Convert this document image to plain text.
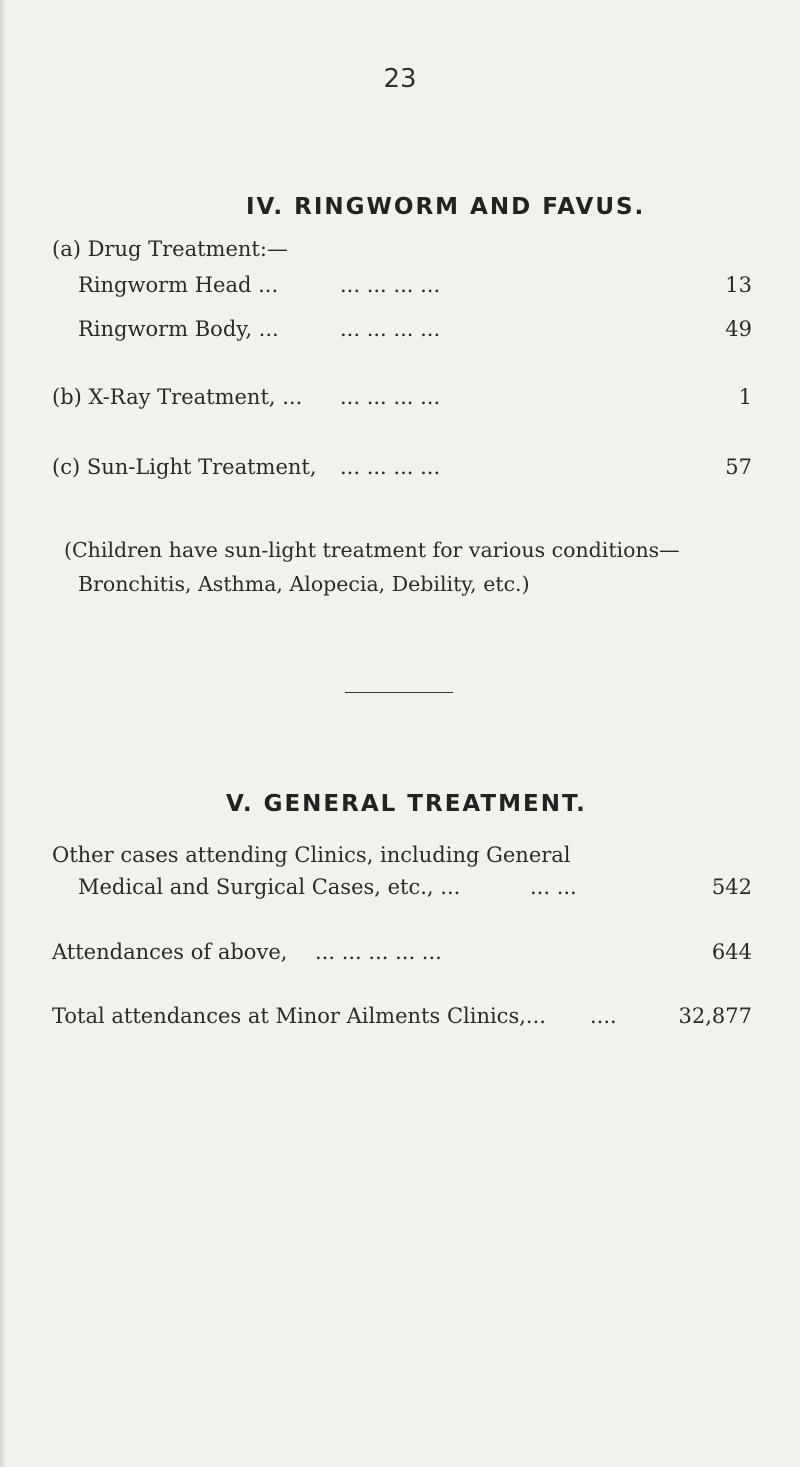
23
IV. RINGWORM AND FAVUS.
(a) Drug Treatment:—
Ringworm Head ...	... ... ... ...	13
Ringworm Body, ...	... ... ... ...	49
(b) X-Ray Treatment, ... ... ... ... ...	1
(c) Sun-Light Treatment, ... ... ... ...	57
(Children have sun-light treatment for various conditions—
Bronchitis, Asthma, Alopecia, Debility, etc.)
V. GENERAL TREATMENT.
Other cases attending Clinics, including General
Medical and Surgical Cases, etc., ...	... ...	542
Attendances of above, ... ... ... ... ...	644
Total attendances at Minor Ailments Clinics,... ....	32,877
